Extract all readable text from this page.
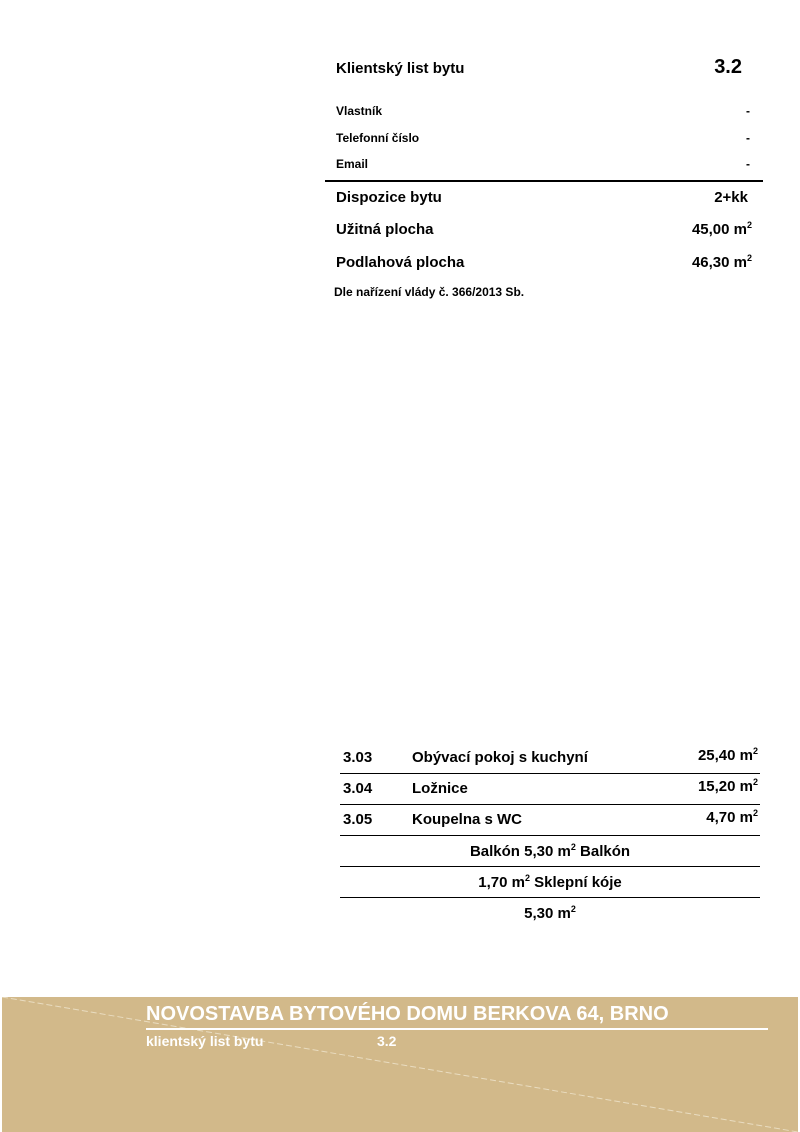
Klientský list bytu	3.2
Vlastník	-
Telefonní číslo	-
Email	-
Dispozice bytu	2+kk
Užitná plocha	45,00 $m^2$
Podlahová plocha	46,30 $m^2$
Dle nařízení vlády č. 366/2013 Sb.
3.03	Obývací pokoj s kuchyní	25,40 $m^2$
3.04	Ložnice	15,20 $m^2$
3.05	Koupelna s WC	4,70 $m^2$
Balkón 5,30 $m^2$ Balkón
1,70 $m^2$ Sklepní kóje
5,30 $m^2$
NOVOSTAVBA BYTOVÉHO DOMU BERKOVA 64, BRNO
klientský list bytu	3.2
